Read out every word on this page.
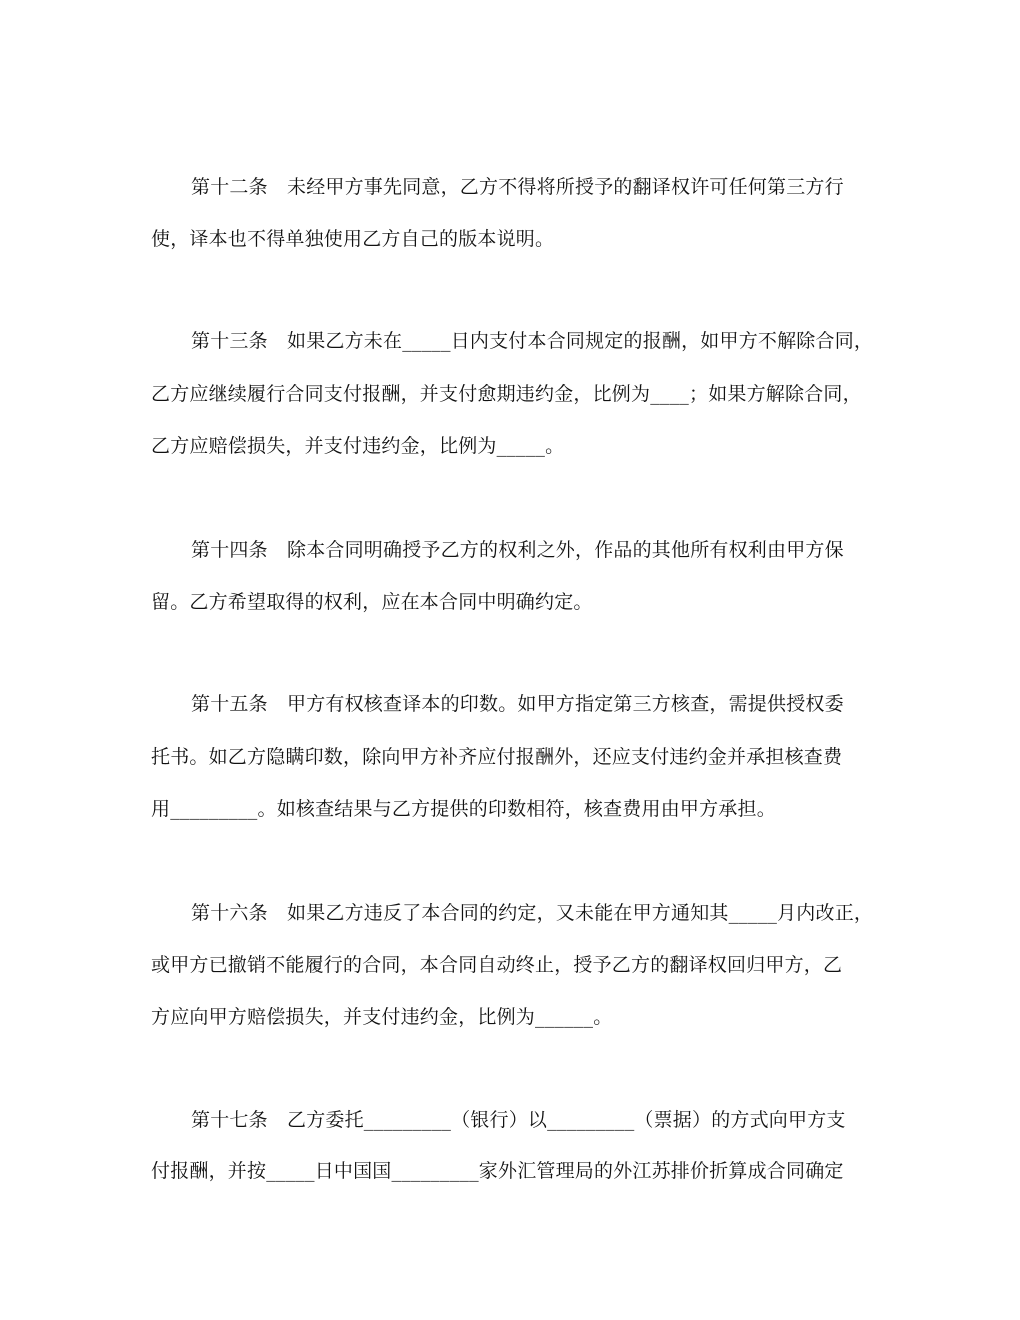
第十二条　未经甲方事先同意，乙方不得将所授予的翻译权许可任何第三方行
使，译本也不得单独使用乙方自己的版本说明。
第十三条　如果乙方未在_____日内支付本合同规定的报酬，如甲方不解除合同，
乙方应继续履行合同支付报酬，并支付愈期违约金，比例为____；如果方解除合同，
乙方应赔偿损失，并支付违约金，比例为_____。
第十四条　除本合同明确授予乙方的权利之外，作品的其他所有权利由甲方保
留。乙方希望取得的权利，应在本合同中明确约定。
第十五条　甲方有权核查译本的印数。如甲方指定第三方核查，需提供授权委
托书。如乙方隐瞒印数，除向甲方补齐应付报酬外，还应支付违约金并承担核查费
用_________。如核查结果与乙方提供的印数相符，核查费用由甲方承担。
第十六条　如果乙方违反了本合同的约定，又未能在甲方通知其_____月内改正，
或甲方已撤销不能履行的合同，本合同自动终止，授予乙方的翻译权回归甲方，乙
方应向甲方赔偿损失，并支付违约金，比例为______。
第十七条　乙方委托_________（银行）以_________（票据）的方式向甲方支
付报酬，并按_____日中国国_________家外汇管理局的外江苏排价折算成合同确定
